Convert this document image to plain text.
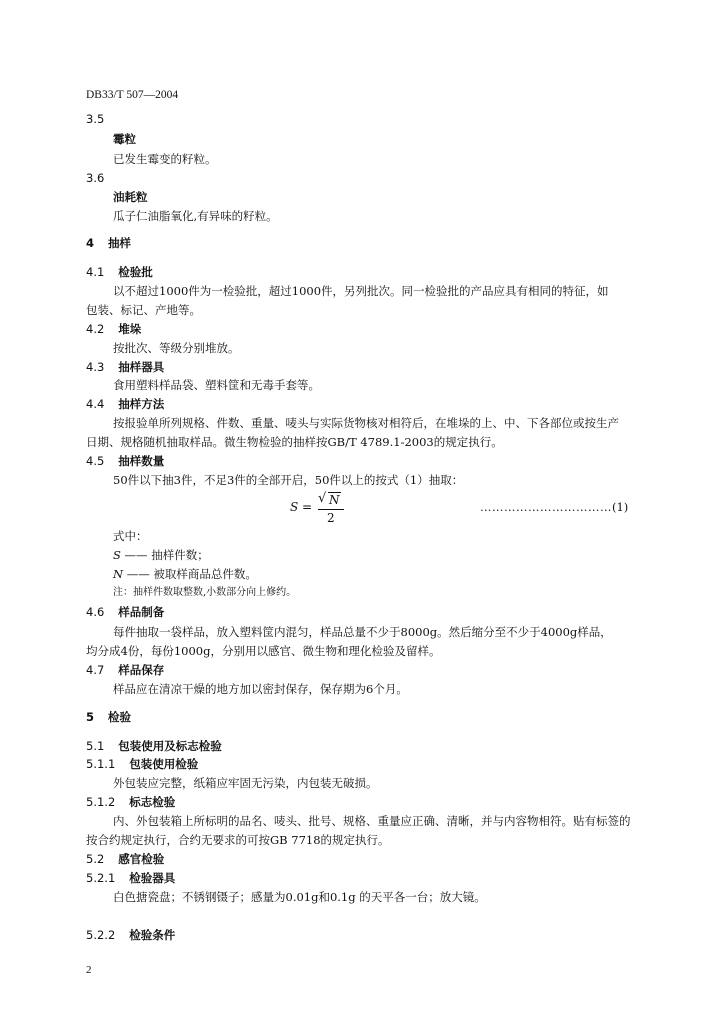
DB33/T 507—2004
3.5
霉粒
已发生霉变的籽粒。
3.6
油耗粒
瓜子仁油脂氧化,有异味的籽粒。
4 抽样
4.1 检验批
以不超过1000件为一检验批，超过1000件，另列批次。同一检验批的产品应具有相同的特征，如
包装、标记、产地等。
4.2 堆垛
按批次、等级分别堆放。
4.3 抽样器具
食用塑料样品袋、塑料筐和无毒手套等。
4.4 抽样方法
按报验单所列规格、件数、重量、唛头与实际货物核对相符后，在堆垛的上、中、下各部位或按生产
日期、规格随机抽取样品。微生物检验的抽样按GB/T 4789.1-2003的规定执行。
4.5 抽样数量
50件以下抽3件，不足3件的全部开启，50件以上的按式（1）抽取：
S =
√ N
2
……………………………(1)
式中：
S —— 抽样件数；
N —— 被取样商品总件数。
注：抽样件数取整数,小数部分向上修约。
4.6 样品制备
每件抽取一袋样品，放入塑料筐内混匀，样品总量不少于8000g。然后缩分至不少于4000g样品，
均分成4份，每份1000g，分别用以感官、微生物和理化检验及留样。
4.7 样品保存
样品应在清凉干燥的地方加以密封保存，保存期为6个月。
5 检验
5.1 包装使用及标志检验
5.1.1 包装使用检验
外包装应完整，纸箱应牢固无污染，内包装无破损。
5.1.2 标志检验
内、外包装箱上所标明的品名、唛头、批号、规格、重量应正确、清晰，并与内容物相符。贴有标签的
按合约规定执行，合约无要求的可按GB 7718的规定执行。
5.2 感官检验
5.2.1 检验器具
白色搪瓷盘；不锈钢镊子；感量为0.01g和0.1g 的天平各一台；放大镜。
5.2.2 检验条件
2
